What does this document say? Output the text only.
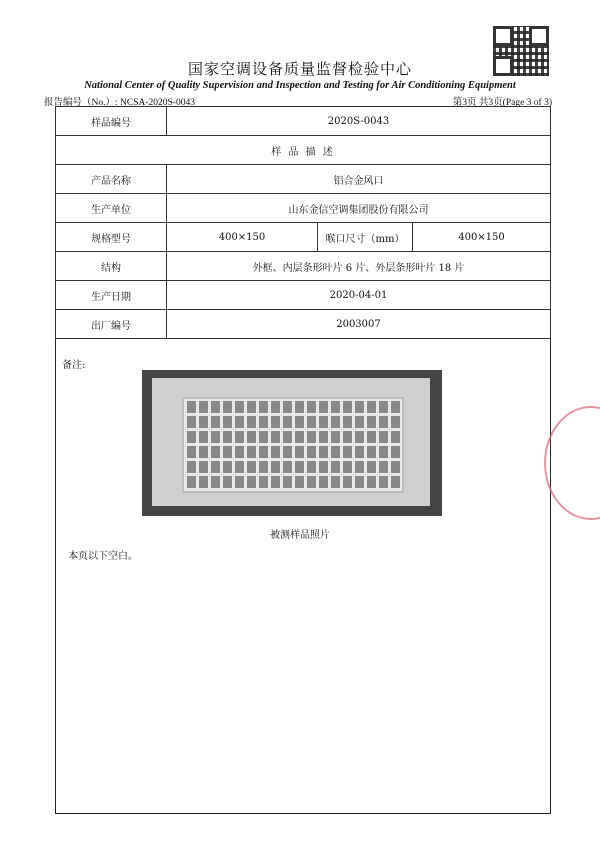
国家空调设备质量监督检验中心
National Center of Quality Supervision and Inspection and Testing for Air Conditioning Equipment
报告编号（No.）: NCSA-2020S-0043	第3页 共3页(Page 3 of 3)
样品编号	2020S-0043		
样 品 描 述			
产品名称	铝合金风口		
生产单位	山东金信空调集团股份有限公司		
规格型号	400×150	喉口尺寸（mm）	400×150
结构	外框、内层条形叶片 6 片、外层条形叶片 18 片		
生产日期	2020-04-01		
出厂编号	2003007		
备注:
被测样品照片
本页以下空白。
